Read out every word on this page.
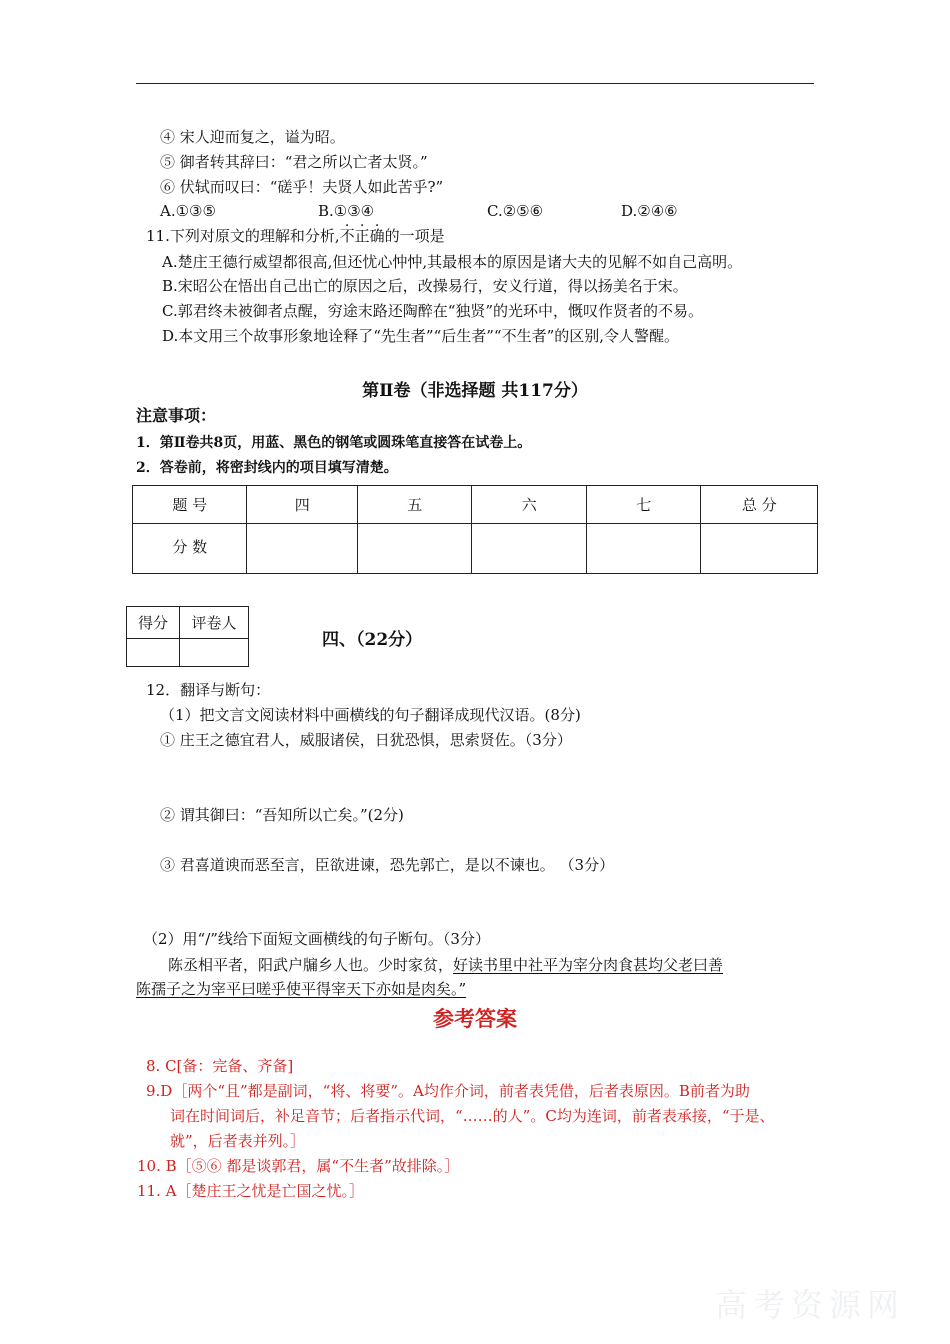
④ 宋人迎而复之，谥为昭。
⑤ 御者转其辞曰：“君之所以亡者太贤。”
⑥ 伏轼而叹曰：“磋乎！夫贤人如此苦乎?”
A.①③⑤	B.①③④	C.②⑤⑥	D.②④⑥
11.下列对原文的理解和分析,不正确的一项是
A.楚庄王德行威望都很高,但还忧心忡忡,其最根本的原因是诸大夫的见解不如自己高明。
B.宋昭公在悟出自己出亡的原因之后，改操易行，安义行道，得以扬美名于宋。
C.郭君终未被御者点醒，穷途末路还陶醉在“独贤”的光环中，慨叹作贤者的不易。
D.本文用三个故事形象地诠释了“先生者”“后生者”“不生者”的区别,令人警醒。
第Ⅱ卷（非选择题 共117分）
注意事项：
1．第Ⅱ卷共8页，用蓝、黑色的钢笔或圆珠笔直接答在试卷上。
2．答卷前，将密封线内的项目填写清楚。
题 号	四	五	六	七	总 分
分 数					
得分	评卷人

四、（22分）
12．翻译与断句：
（1）把文言文阅读材料中画横线的句子翻译成现代汉语。(8分)
① 庄王之德宜君人，威服诸侯，日犹恐惧，思索贤佐。（3分）
② 谓其御曰：“吾知所以亡矣。”(2分)
③ 君喜道谀而恶至言，臣欲进谏，恐先郭亡，是以不谏也。 （3分）
（2）用“/”线给下面短文画横线的句子断句。（3分）
陈丞相平者，阳武户牖乡人也。少时家贫，好读书里中社平为宰分肉食甚均父老曰善
陈孺子之为宰平曰嗟乎使平得宰天下亦如是肉矣。”
参考答案
8. C[备：完备、齐备]
9.D［两个“且”都是副词，“将、将要”。A均作介词，前者表凭借，后者表原因。B前者为助
词在时间词后，补足音节；后者指示代词，“……的人”。C均为连词，前者表承接，“于是、
就”，后者表并列。］
10. B［⑤⑥ 都是谈郭君，属“不生者”故排除。］
11. A［楚庄王之忧是亡国之忧。］
高考资源网
